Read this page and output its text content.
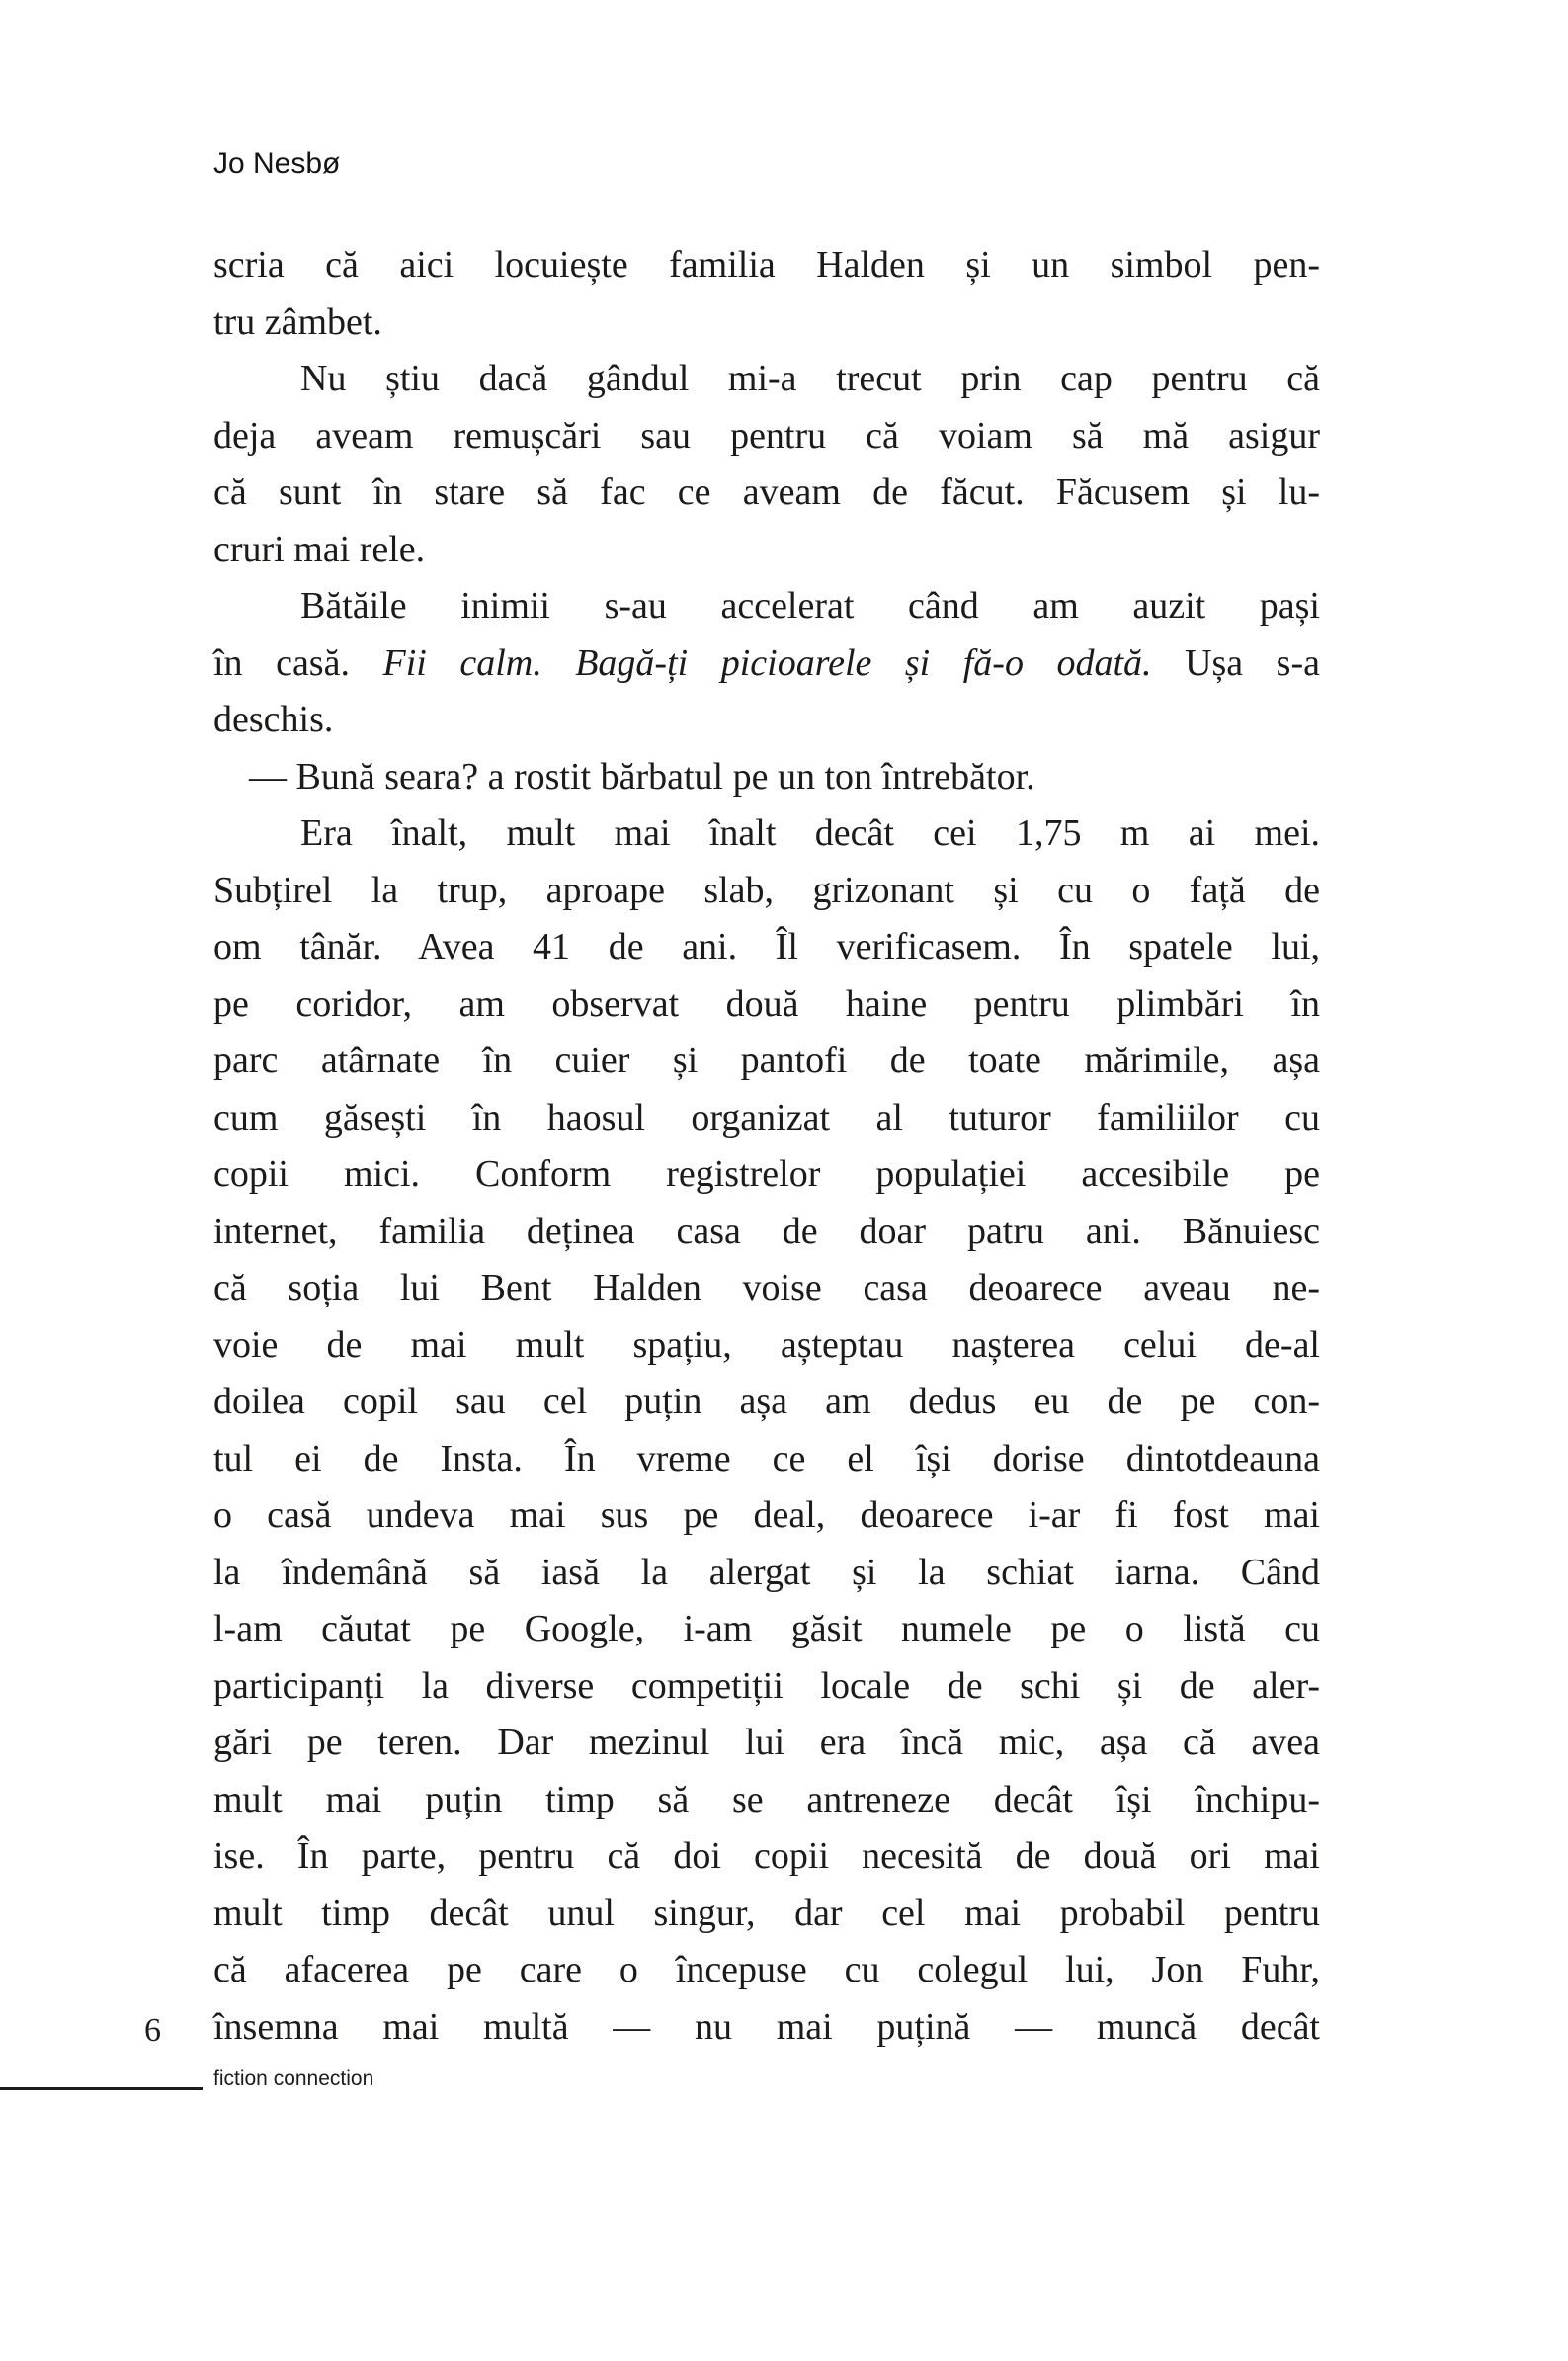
Jo Nesbø
scria că aici locuiește familia Halden și un simbol pen-
tru zâmbet.
Nu știu dacă gândul mi-a trecut prin cap pentru că
deja aveam remușcări sau pentru că voiam să mă asigur
că sunt în stare să fac ce aveam de făcut. Făcusem și lu-
cruri mai rele.
Bătăile inimii s-au accelerat când am auzit pași
în casă. Fii calm. Bagă-ți picioarele și fă-o odată. Ușa s-a
deschis.
— Bună seara? a rostit bărbatul pe un ton întrebător.
Era înalt, mult mai înalt decât cei 1,75 m ai mei.
Subțirel la trup, aproape slab, grizonant și cu o față de
om tânăr. Avea 41 de ani. Îl verificasem. În spatele lui,
pe coridor, am observat două haine pentru plimbări în
parc atârnate în cuier și pantofi de toate mărimile, așa
cum găsești în haosul organizat al tuturor familiilor cu
copii mici. Conform registrelor populației accesibile pe
internet, familia deținea casa de doar patru ani. Bănuiesc
că soția lui Bent Halden voise casa deoarece aveau ne-
voie de mai mult spațiu, așteptau nașterea celui de-al
doilea copil sau cel puțin așa am dedus eu de pe con-
tul ei de Insta. În vreme ce el își dorise dintotdeauna
o casă undeva mai sus pe deal, deoarece i-ar fi fost mai
la îndemână să iasă la alergat și la schiat iarna. Când
l-am căutat pe Google, i-am găsit numele pe o listă cu
participanți la diverse competiții locale de schi și de aler-
gări pe teren. Dar mezinul lui era încă mic, așa că avea
mult mai puțin timp să se antreneze decât își închipu-
ise. În parte, pentru că doi copii necesită de două ori mai
mult timp decât unul singur, dar cel mai probabil pentru
că afacerea pe care o începuse cu colegul lui, Jon Fuhr,
însemna mai multă — nu mai puțină — muncă decât
6
fiction connection
